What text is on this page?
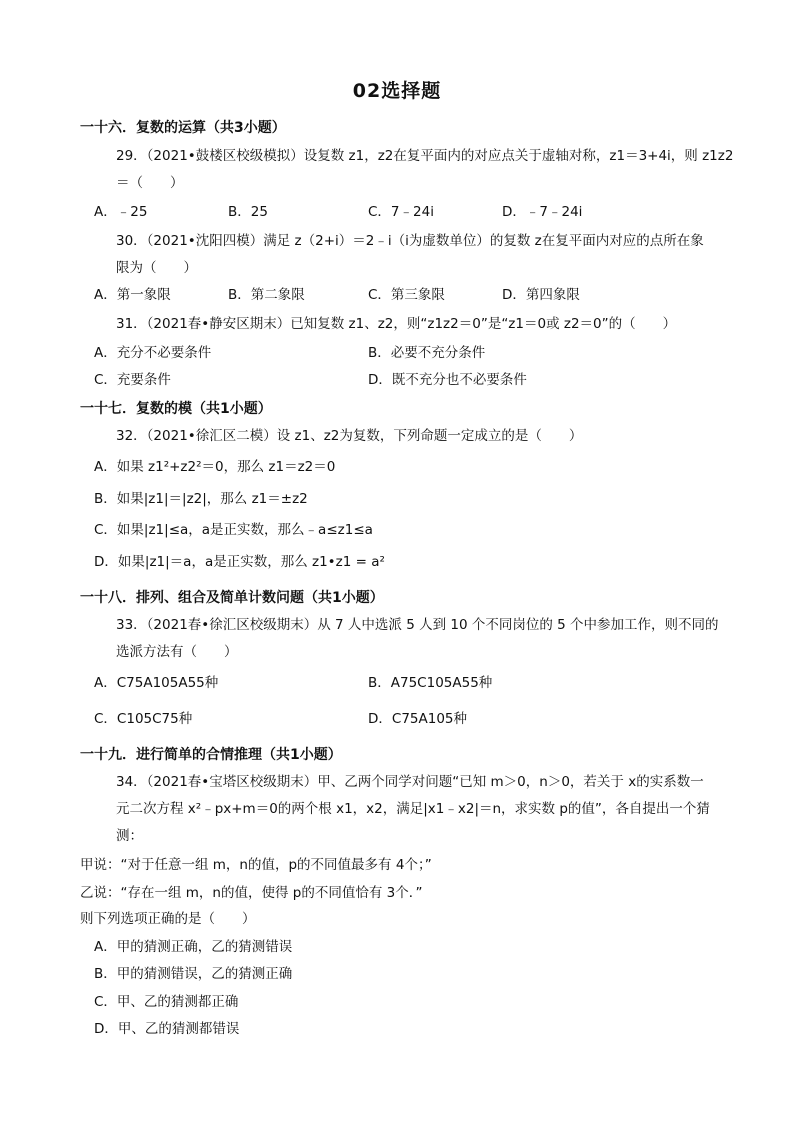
02选择题
一十六．复数的运算（共3小题）
29．（2021•鼓楼区校级模拟）设复数 z1，z2在复平面内的对应点关于虚轴对称，z1＝3+4i，则 z1z2
＝（　　）
A．﹣25	B．25	C．7﹣24i	D．﹣7﹣24i
30．（2021•沈阳四模）满足 z（2+i）＝2﹣i（i为虚数单位）的复数 z在复平面内对应的点所在象
限为（　　）
A．第一象限	B．第二象限	C．第三象限	D．第四象限
31．（2021春•静安区期末）已知复数 z1、z2，则“z1z2＝0”是“z1＝0或 z2＝0”的（　　）
A．充分不必要条件	B．必要不充分条件
C．充要条件	D．既不充分也不必要条件
一十七．复数的模（共1小题）
32．（2021•徐汇区二模）设 z1、z2为复数，下列命题一定成立的是（　　）
A．如果 z1²+z2²＝0，那么 z1＝z2＝0
B．如果|z1|＝|z2|，那么 z1＝±z2
C．如果|z1|≤a，a是正实数，那么﹣a≤z1≤a
D．如果|z1|＝a，a是正实数，那么 z1•z1 = a²
一十八．排列、组合及简单计数问题（共1小题）
33．（2021春•徐汇区校级期末）从 7 人中选派 5 人到 10 个不同岗位的 5 个中参加工作，则不同的
选派方法有（　　）
A．C75A105A55种	B．A75C105A55种
C．C105C75种	D．C75A105种
一十九．进行简单的合情推理（共1小题）
34．（2021春•宝塔区校级期末）甲、乙两个同学对问题“已知 m＞0，n＞0，若关于 x的实系数一
元二次方程 x²﹣px+m＝0的两个根 x1，x2，满足|x1﹣x2|＝n，求实数 p的值”，各自提出一个猜
测：
甲说：“对于任意一组 m，n的值，p的不同值最多有 4个；”
乙说：“存在一组 m，n的值，使得 p的不同值恰有 3个．”
则下列选项正确的是（　　）
A．甲的猜测正确，乙的猜测错误
B．甲的猜测错误，乙的猜测正确
C．甲、乙的猜测都正确
D．甲、乙的猜测都错误
